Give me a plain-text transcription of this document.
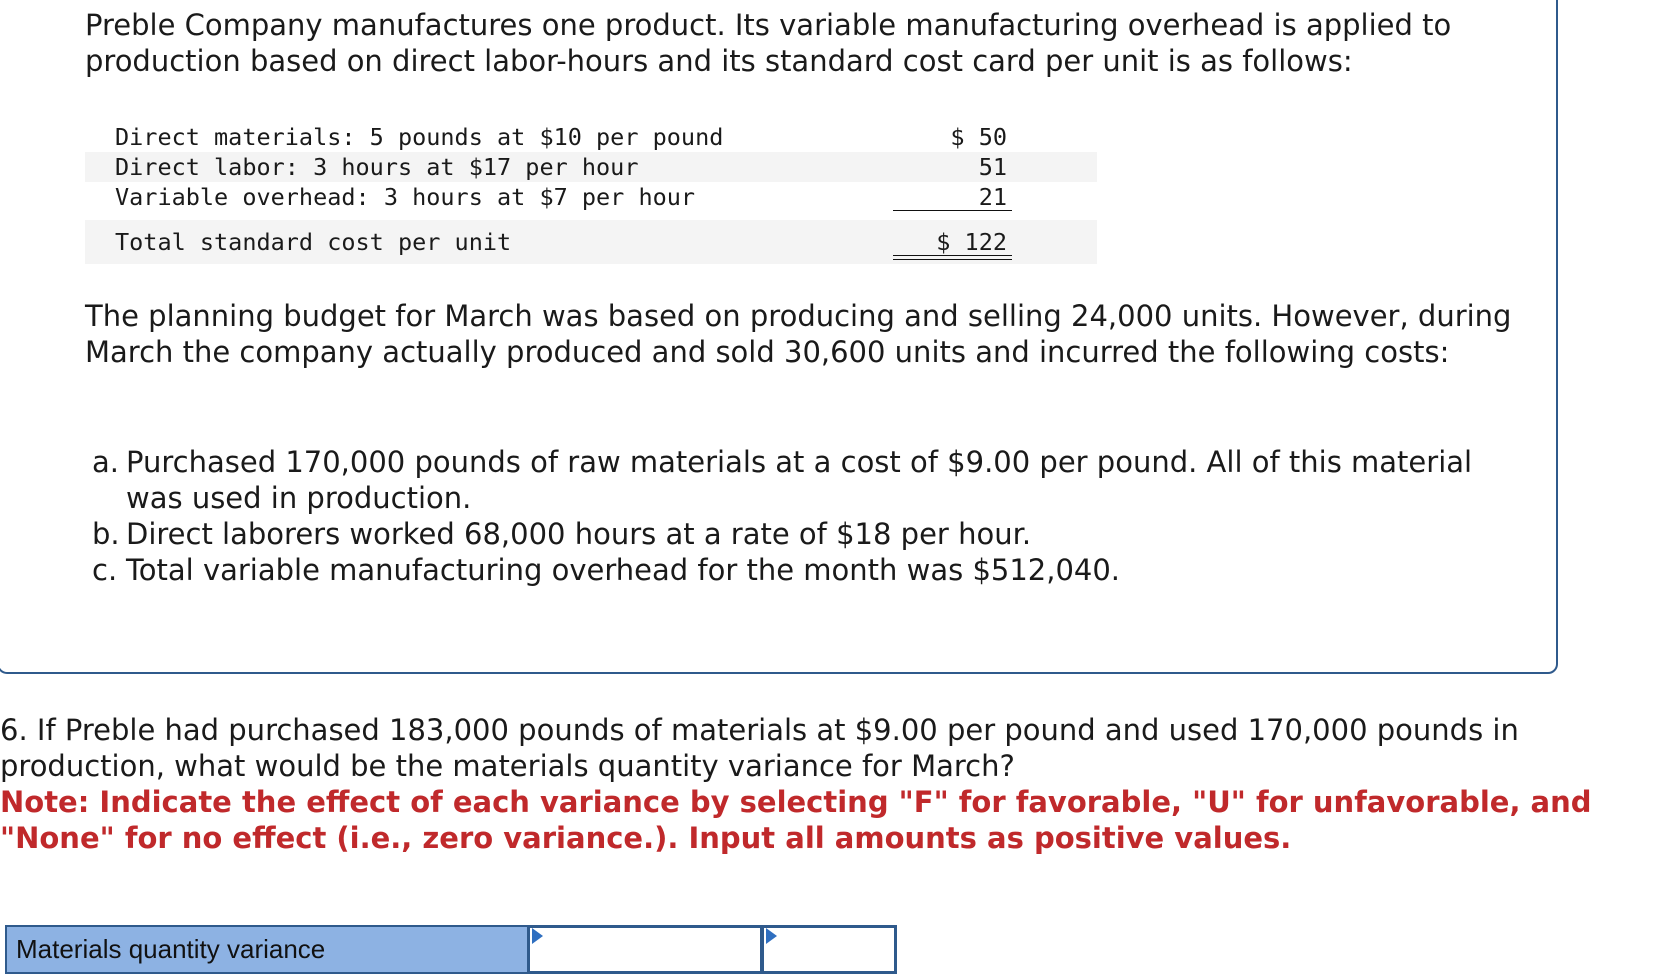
Preble Company manufactures one product. Its variable manufacturing overhead is applied to production based on direct labor-hours and its standard cost card per unit is as follows:

Direct materials: 5 pounds at $10 per pound	$ 50
Direct labor: 3 hours at $17 per hour	51
Variable overhead: 3 hours at $7 per hour	21
Total standard cost per unit	$ 122

The planning budget for March was based on producing and selling 24,000 units. However, during March the company actually produced and sold 30,600 units and incurred the following costs:

a. Purchased 170,000 pounds of raw materials at a cost of $9.00 per pound. All of this material was used in production.
b. Direct laborers worked 68,000 hours at a rate of $18 per hour.
c. Total variable manufacturing overhead for the month was $512,040.

6. If Preble had purchased 183,000 pounds of materials at $9.00 per pound and used 170,000 pounds in production, what would be the materials quantity variance for March?

Note: Indicate the effect of each variance by selecting "F" for favorable, "U" for unfavorable, and "None" for no effect (i.e., zero variance.). Input all amounts as positive values.

Materials quantity variance
